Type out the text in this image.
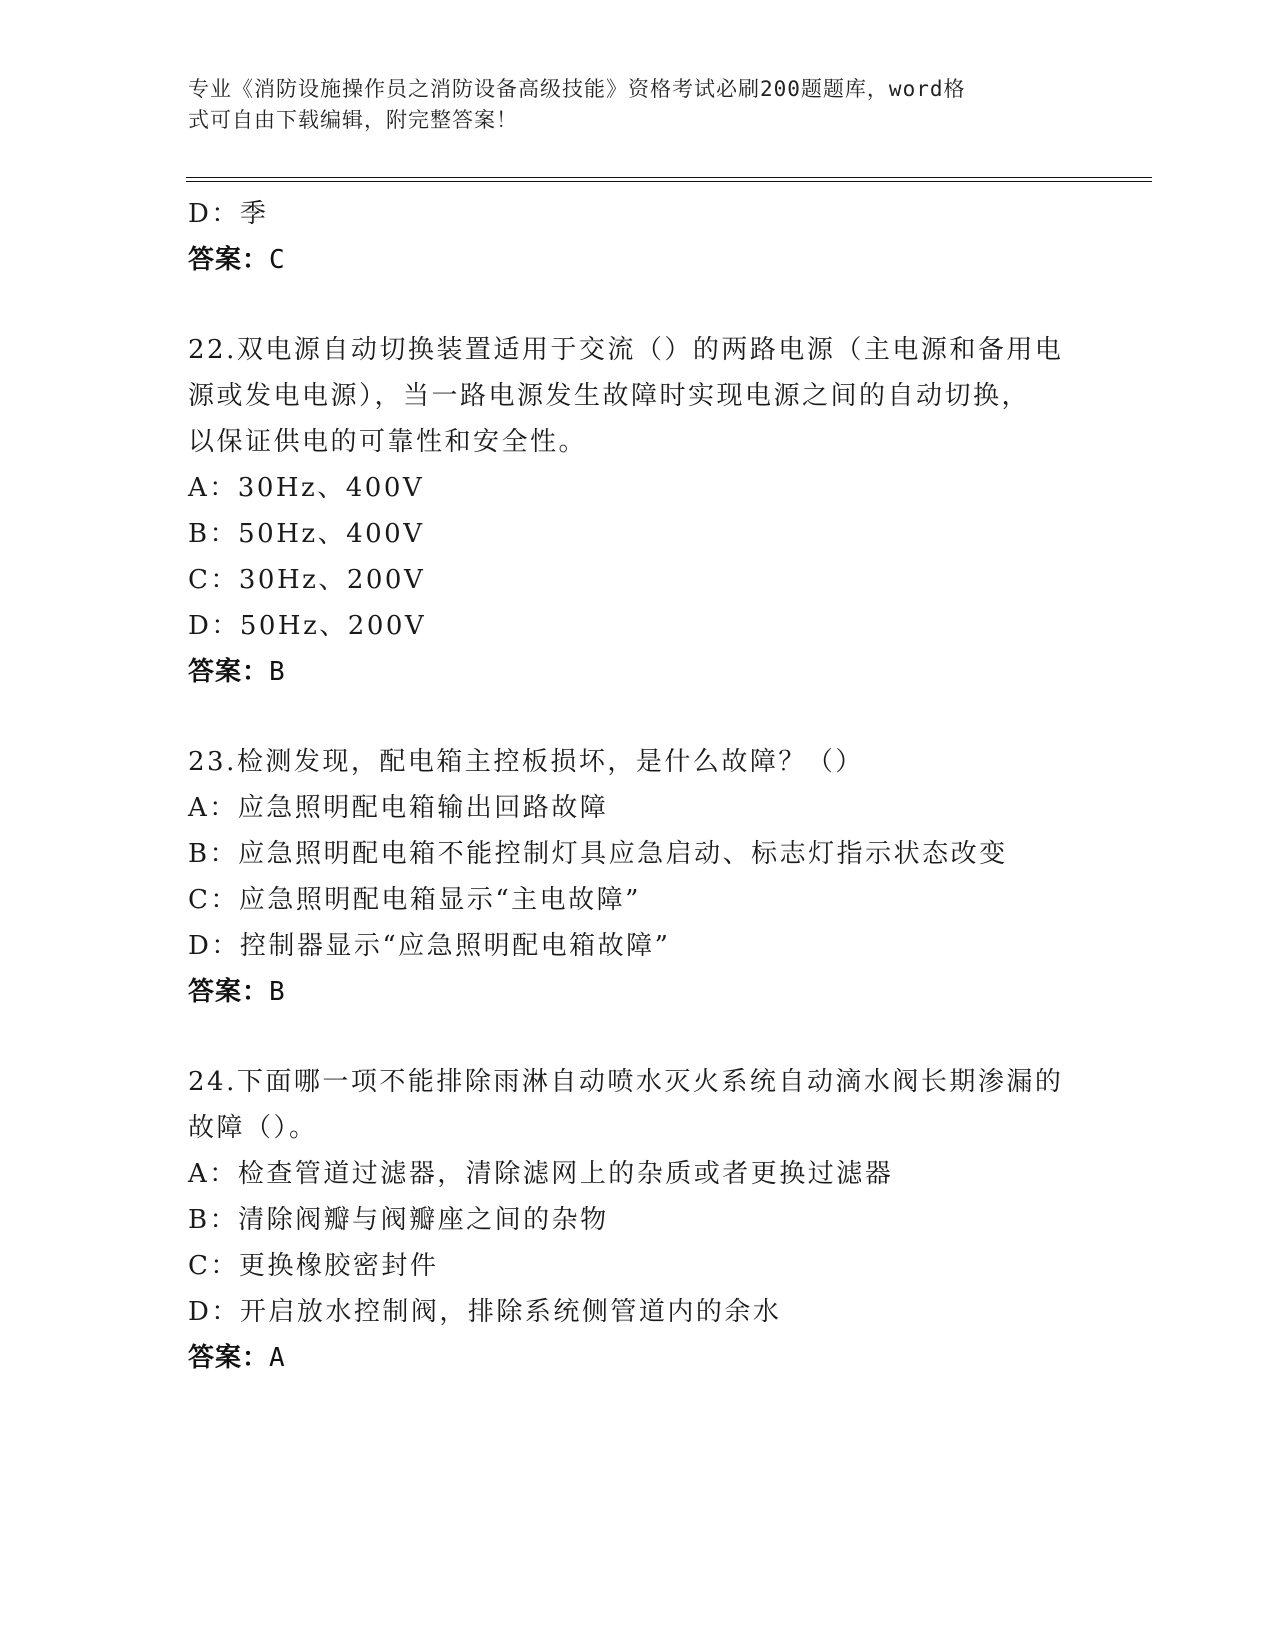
专业《消防设施操作员之消防设备高级技能》资格考试必刷200题题库，word格
式可自由下载编辑，附完整答案！
D：季
答案：C
22.双电源自动切换装置适用于交流（）的两路电源（主电源和备用电
源或发电电源），当一路电源发生故障时实现电源之间的自动切换，
以保证供电的可靠性和安全性。
A：30Hz、400V
B：50Hz、400V
C：30Hz、200V
D：50Hz、200V
答案：B
23.检测发现，配电箱主控板损坏，是什么故障？（）
A：应急照明配电箱输出回路故障
B：应急照明配电箱不能控制灯具应急启动、标志灯指示状态改变
C：应急照明配电箱显示“主电故障”
D：控制器显示“应急照明配电箱故障”
答案：B
24.下面哪一项不能排除雨淋自动喷水灭火系统自动滴水阀长期渗漏的
故障（）。
A：检查管道过滤器，清除滤网上的杂质或者更换过滤器
B：清除阀瓣与阀瓣座之间的杂物
C：更换橡胶密封件
D：开启放水控制阀，排除系统侧管道内的余水
答案：A
